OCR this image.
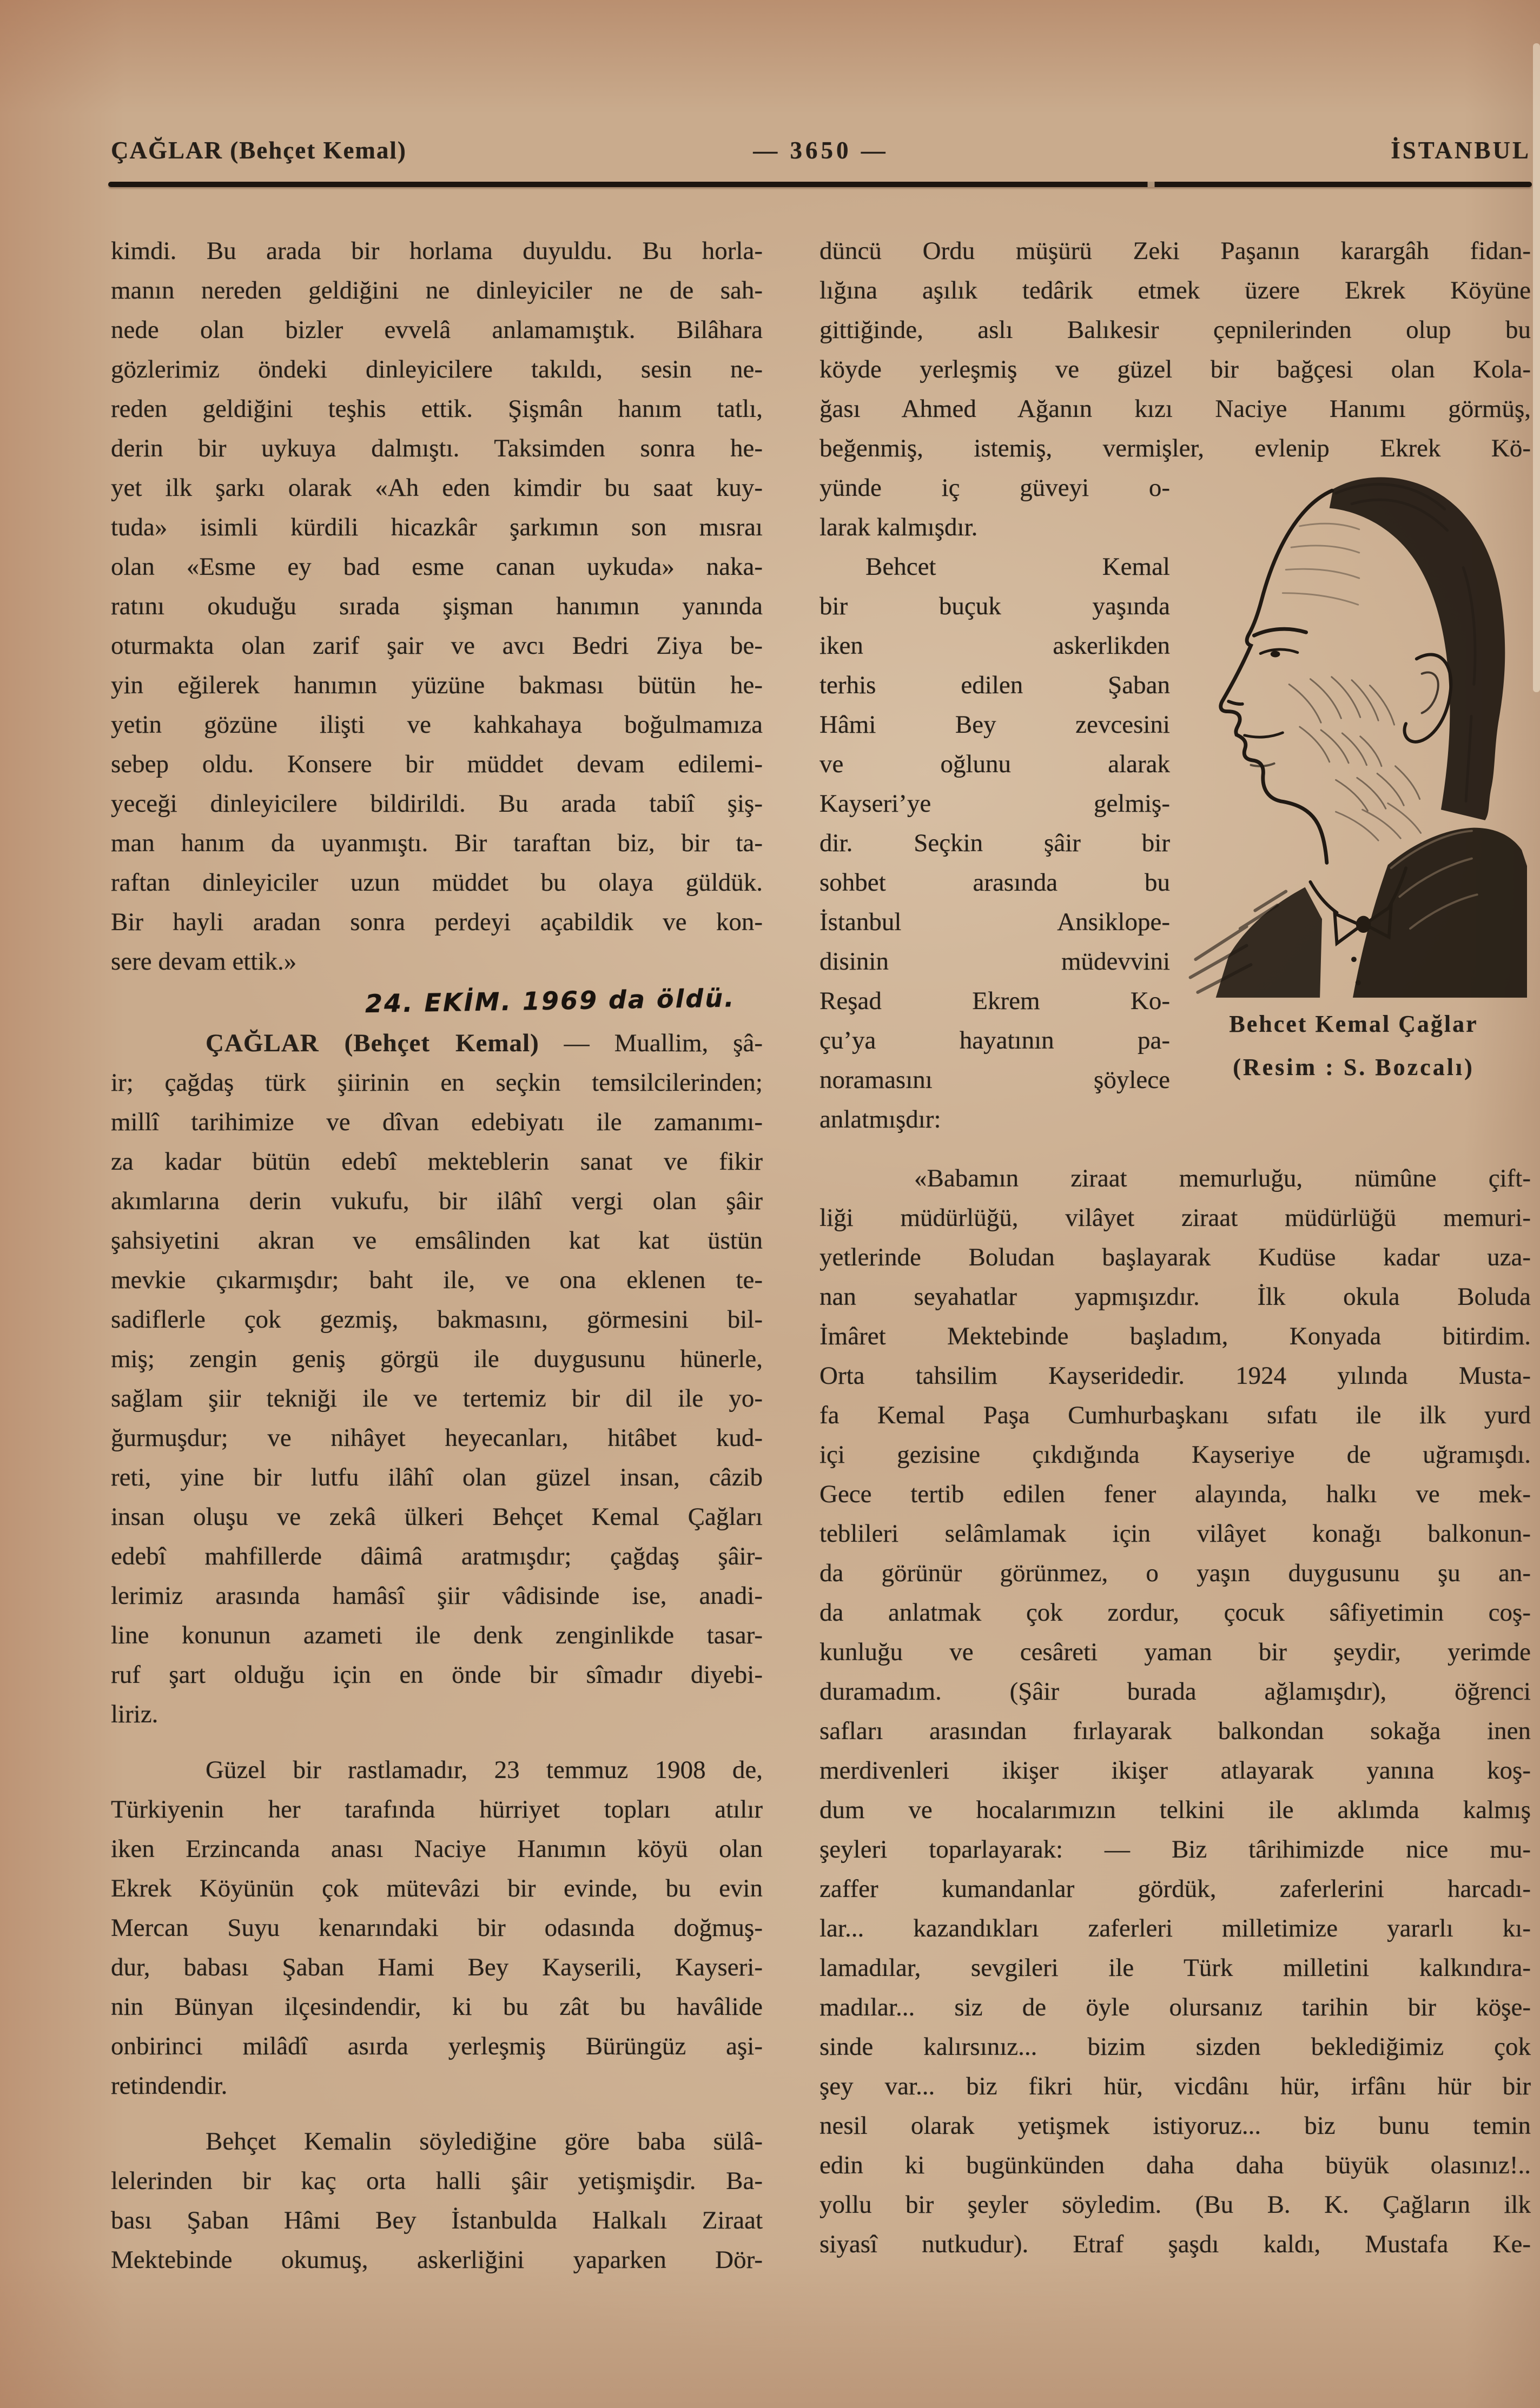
ÇAĞLAR (Behçet Kemal)	— 3650 —	İSTANBUL
kimdi. Bu arada bir horlama duyuldu. Bu horla-
manın nereden geldiğini ne dinleyiciler ne de sah-
nede olan bizler evvelâ anlamamıştık. Bilâhara
gözlerimiz öndeki dinleyicilere takıldı, sesin ne-
reden geldiğini teşhis ettik. Şişmân hanım tatlı,
derin bir uykuya dalmıştı. Taksimden sonra he-
yet ilk şarkı olarak «Ah eden kimdir bu saat kuy-
tuda» isimli kürdili hicazkâr şarkımın son mısraı
olan «Esme ey bad esme canan uykuda» naka-
ratını okuduğu sırada şişman hanımın yanında
oturmakta olan zarif şair ve avcı Bedri Ziya be-
yin eğilerek hanımın yüzüne bakması bütün he-
yetin gözüne ilişti ve kahkahaya boğulmamıza
sebep oldu. Konsere bir müddet devam edilemi-
yeceği dinleyicilere bildirildi. Bu arada tabiî şiş-
man hanım da uyanmıştı. Bir taraftan biz, bir ta-
raftan dinleyiciler uzun müddet bu olaya güldük.
Bir hayli aradan sonra perdeyi açabildik ve kon-
sere devam ettik.»
24. EKİM. 1969 da öldü.
ÇAĞLAR (Behçet Kemal) — Muallim, şâ-
ir; çağdaş türk şiirinin en seçkin temsilcilerinden;
millî tarihimize ve dîvan edebiyatı ile zamanımı-
za kadar bütün edebî mekteblerin sanat ve fikir
akımlarına derin vukufu, bir ilâhî vergi olan şâir
şahsiyetini akran ve emsâlinden kat kat üstün
mevkie çıkarmışdır; baht ile, ve ona eklenen te-
sadiflerle çok gezmiş, bakmasını, görmesini bil-
miş; zengin geniş görgü ile duygusunu hünerle,
sağlam şiir tekniği ile ve tertemiz bir dil ile yo-
ğurmuşdur; ve nihâyet heyecanları, hitâbet kud-
reti, yine bir lutfu ilâhî olan güzel insan, câzib
insan oluşu ve zekâ ülkeri Behçet Kemal Çağları
edebî mahfillerde dâimâ aratmışdır; çağdaş şâir-
lerimiz arasında hamâsî şiir vâdisinde ise, anadi-
line konunun azameti ile denk zenginlikde tasar-
ruf şart olduğu için en önde bir sîmadır diyebi-
liriz.
Güzel bir rastlamadır, 23 temmuz 1908 de,
Türkiyenin her tarafında hürriyet topları atılır
iken Erzincanda anası Naciye Hanımın köyü olan
Ekrek Köyünün çok mütevâzi bir evinde, bu evin
Mercan Suyu kenarındaki bir odasında doğmuş-
dur, babası Şaban Hami Bey Kayserili, Kayseri-
nin Bünyan ilçesindendir, ki bu zât bu havâlide
onbirinci milâdî asırda yerleşmiş Bürüngüz aşi-
retindendir.
Behçet Kemalin söylediğine göre baba sülâ-
lelerinden bir kaç orta halli şâir yetişmişdir. Ba-
bası Şaban Hâmi Bey İstanbulda Halkalı Ziraat
Mektebinde okumuş, askerliğini yaparken Dör-
düncü Ordu müşürü Zeki Paşanın karargâh fidan-
lığına aşılık tedârik etmek üzere Ekrek Köyüne
gittiğinde, aslı Balıkesir çepnilerinden olup bu
köyde yerleşmiş ve güzel bir bağçesi olan Kola-
ğası Ahmed Ağanın kızı Naciye Hanımı görmüş,
beğenmiş, istemiş, vermişler, evlenip Ekrek Kö-
yünde iç güveyi o-
larak kalmışdır.
Behcet Kemal
bir buçuk yaşında
iken askerlikden
terhis edilen Şaban
Hâmi Bey zevcesini
ve oğlunu alarak
Kayseri’ye gelmiş-
dir. Seçkin şâir bir
sohbet arasında bu
İstanbul Ansiklope-
disinin müdevvini
Reşad Ekrem Ko-
çu’ya hayatının pa-
noramasını şöylece
anlatmışdır:
Behcet Kemal Çağlar
(Resim : S. Bozcalı)
«Babamın ziraat memurluğu, nümûne çift-
liği müdürlüğü, vilâyet ziraat müdürlüğü memuri-
yetlerinde Boludan başlayarak Kudüse kadar uza-
nan seyahatlar yapmışızdır. İlk okula Boluda
İmâret Mektebinde başladım, Konyada bitirdim.
Orta tahsilim Kayseridedir. 1924 yılında Musta-
fa Kemal Paşa Cumhurbaşkanı sıfatı ile ilk yurd
içi gezisine çıkdığında Kayseriye de uğramışdı.
Gece tertib edilen fener alayında, halkı ve mek-
teblileri selâmlamak için vilâyet konağı balkonun-
da görünür görünmez, o yaşın duygusunu şu an-
da anlatmak çok zordur, çocuk sâfiyetimin coş-
kunluğu ve cesâreti yaman bir şeydir, yerimde
duramadım. (Şâir burada ağlamışdır), öğrenci
safları arasından fırlayarak balkondan sokağa inen
merdivenleri ikişer ikişer atlayarak yanına koş-
dum ve hocalarımızın telkini ile aklımda kalmış
şeyleri toparlayarak: — Biz târihimizde nice mu-
zaffer kumandanlar gördük, zaferlerini harcadı-
lar... kazandıkları zaferleri milletimize yararlı kı-
lamadılar, sevgileri ile Türk milletini kalkındıra-
madılar... siz de öyle olursanız tarihin bir köşe-
sinde kalırsınız... bizim sizden beklediğimiz çok
şey var... biz fikri hür, vicdânı hür, irfânı hür bir
nesil olarak yetişmek istiyoruz... biz bunu temin
edin ki bugünkünden daha daha büyük olasınız!..
yollu bir şeyler söyledim. (Bu B. K. Çağların ilk
siyasî nutkudur). Etraf şaşdı kaldı, Mustafa Ke-
